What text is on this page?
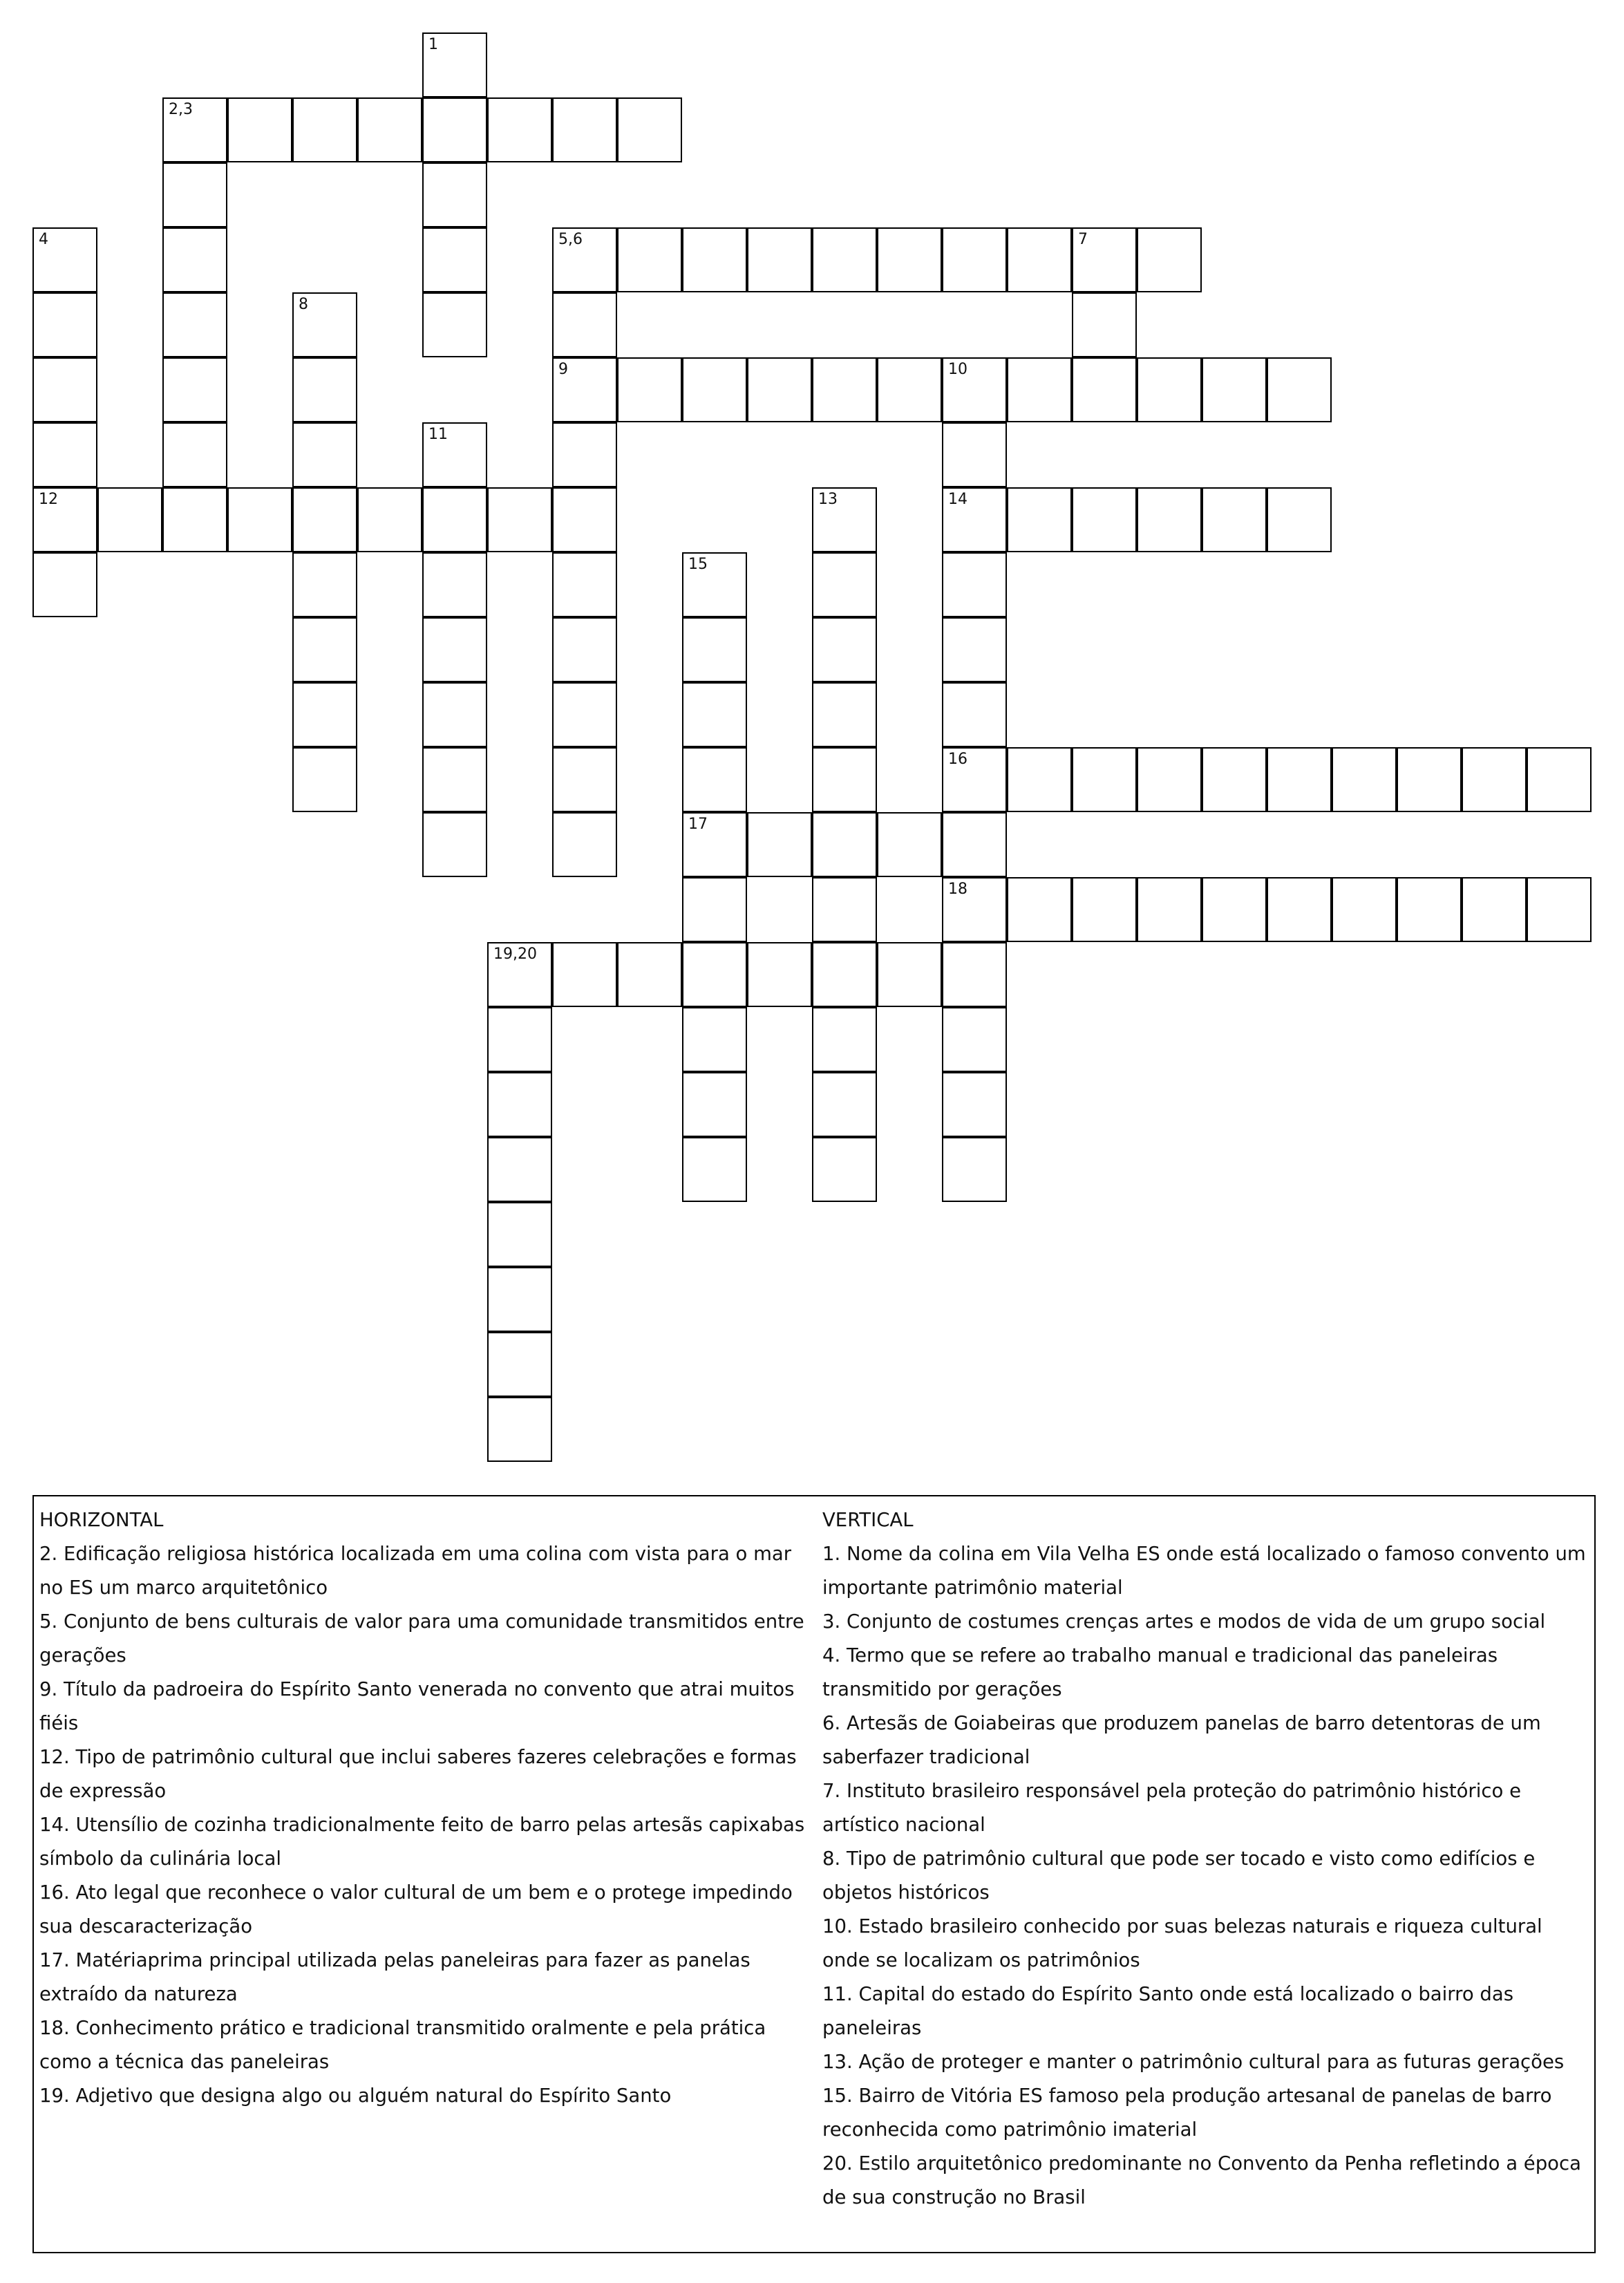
1
2,3
4
12
5,6	7
9
8
10
14
11
13
15
17
16
18
19,20

HORIZONTAL

2. Edificação religiosa histórica localizada em uma colina com vista para o mar no ES um marco arquitetônico

5. Conjunto de bens culturais de valor para uma comunidade transmitidos entre gerações

9. Título da padroeira do Espírito Santo venerada no convento que atrai muitos fiéis

12. Tipo de patrimônio cultural que inclui saberes fazeres celebrações e formas de expressão

14. Utensílio de cozinha tradicionalmente feito de barro pelas artesãs capixabas símbolo da culinária local

16. Ato legal que reconhece o valor cultural de um bem e o protege impedindo sua descaracterização

17. Matériaprima principal utilizada pelas paneleiras para fazer as panelas extraído da natureza

18. Conhecimento prático e tradicional transmitido oralmente e pela prática como a técnica das paneleiras

19. Adjetivo que designa algo ou alguém natural do Espírito Santo

VERTICAL

1. Nome da colina em Vila Velha ES onde está localizado o famoso convento um importante patrimônio material

3. Conjunto de costumes crenças artes e modos de vida de um grupo social

4. Termo que se refere ao trabalho manual e tradicional das paneleiras transmitido por gerações

6. Artesãs de Goiabeiras que produzem panelas de barro detentoras de um saberfazer tradicional

7. Instituto brasileiro responsável pela proteção do patrimônio histórico e artístico nacional

8. Tipo de patrimônio cultural que pode ser tocado e visto como edifícios e objetos históricos

10. Estado brasileiro conhecido por suas belezas naturais e riqueza cultural onde se localizam os patrimônios

11. Capital do estado do Espírito Santo onde está localizado o bairro das paneleiras

13. Ação de proteger e manter o patrimônio cultural para as futuras gerações

15. Bairro de Vitória ES famoso pela produção artesanal de panelas de barro reconhecida como patrimônio imaterial

20. Estilo arquitetônico predominante no Convento da Penha refletindo a época de sua construção no Brasil
